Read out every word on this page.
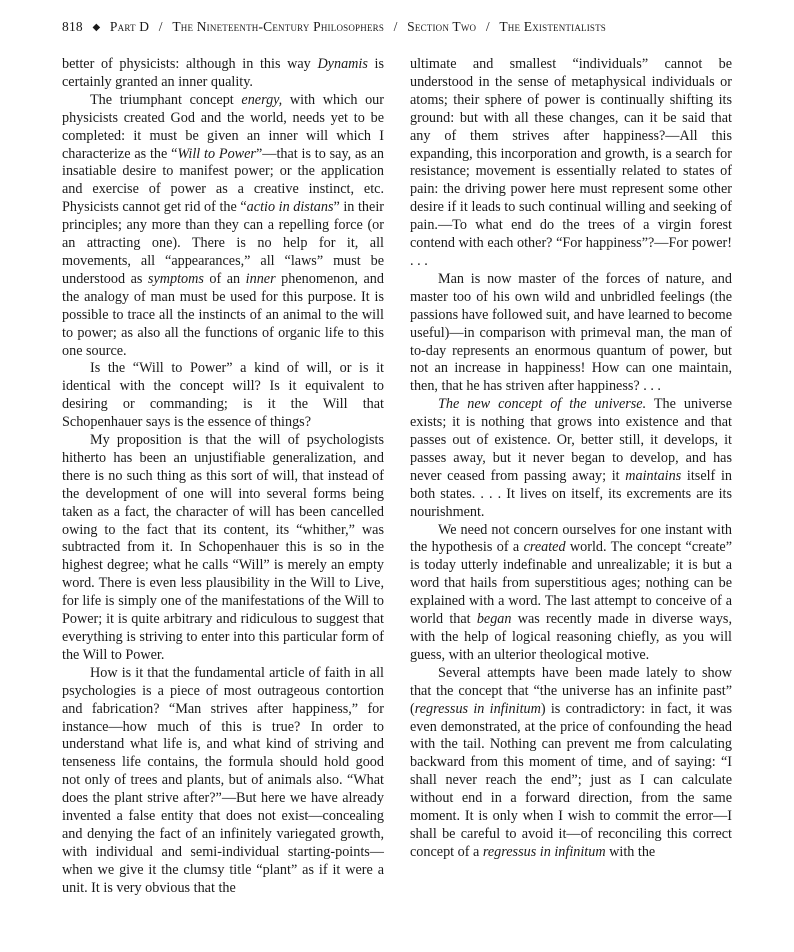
818 ◆ Part D / The Nineteenth-Century Philosophers / Section Two / The Existentialists

better of physicists: although in this way Dynamis is certainly granted an inner quality.

The triumphant concept energy, with which our physicists created God and the world, needs yet to be completed: it must be given an inner will which I characterize as the “Will to Power”—that is to say, as an insatiable desire to manifest power; or the application and exercise of power as a creative instinct, etc. Physicists cannot get rid of the “actio in distans” in their principles; any more than they can a repelling force (or an attracting one). There is no help for it, all movements, all “appearances,” all “laws” must be understood as symptoms of an inner phenomenon, and the analogy of man must be used for this purpose. It is possible to trace all the instincts of an animal to the will to power; as also all the functions of organic life to this one source.

Is the “Will to Power” a kind of will, or is it identical with the concept will? Is it equivalent to desiring or commanding; is it the Will that Schopenhauer says is the essence of things?

My proposition is that the will of psychologists hitherto has been an unjustifiable generalization, and there is no such thing as this sort of will, that instead of the development of one will into several forms being taken as a fact, the character of will has been cancelled owing to the fact that its content, its “whither,” was subtracted from it. In Schopenhauer this is so in the highest degree; what he calls “Will” is merely an empty word. There is even less plausibility in the Will to Live, for life is simply one of the manifestations of the Will to Power; it is quite arbitrary and ridiculous to suggest that everything is striving to enter into this particular form of the Will to Power.

How is it that the fundamental article of faith in all psychologies is a piece of most outrageous contortion and fabrication? “Man strives after happiness,” for instance—how much of this is true? In order to understand what life is, and what kind of striving and tenseness life contains, the formula should hold good not only of trees and plants, but of animals also. “What does the plant strive after?”—But here we have already invented a false entity that does not exist—concealing and denying the fact of an infinitely variegated growth, with individual and semi-individual starting-points—when we give it the clumsy title “plant” as if it were a unit. It is very obvious that the

ultimate and smallest “individuals” cannot be understood in the sense of metaphysical individuals or atoms; their sphere of power is continually shifting its ground: but with all these changes, can it be said that any of them strives after happiness?—All this expanding, this incorporation and growth, is a search for resistance; movement is essentially related to states of pain: the driving power here must represent some other desire if it leads to such continual willing and seeking of pain.—To what end do the trees of a virgin forest contend with each other? “For happiness”?—For power! . . .

Man is now master of the forces of nature, and master too of his own wild and unbridled feelings (the passions have followed suit, and have learned to become useful)—in comparison with primeval man, the man of to-day represents an enormous quantum of power, but not an increase in happiness! How can one maintain, then, that he has striven after happiness? . . .

The new concept of the universe. The universe exists; it is nothing that grows into existence and that passes out of existence. Or, better still, it develops, it passes away, but it never began to develop, and has never ceased from passing away; it maintains itself in both states. . . . It lives on itself, its excrements are its nourishment.

We need not concern ourselves for one instant with the hypothesis of a created world. The concept “create” is today utterly indefinable and unrealizable; it is but a word that hails from superstitious ages; nothing can be explained with a word. The last attempt to conceive of a world that began was recently made in diverse ways, with the help of logical reasoning chiefly, as you will guess, with an ulterior theological motive.

Several attempts have been made lately to show that the concept that “the universe has an infinite past” (regressus in infinitum) is contradictory: in fact, it was even demonstrated, at the price of confounding the head with the tail. Nothing can prevent me from calculating backward from this moment of time, and of saying: “I shall never reach the end”; just as I can calculate without end in a forward direction, from the same moment. It is only when I wish to commit the error—I shall be careful to avoid it—of reconciling this correct concept of a regressus in infinitum with the
